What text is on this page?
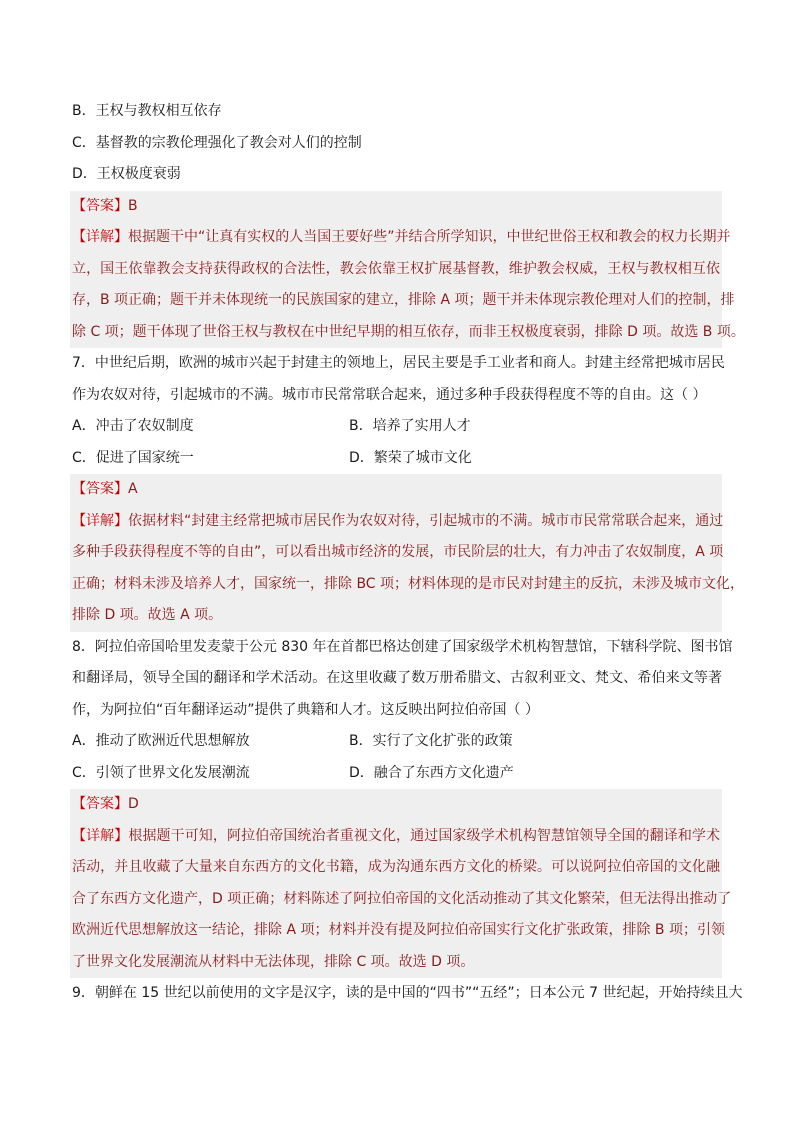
B．王权与教权相互依存
C．基督教的宗教伦理强化了教会对人们的控制
D．王权极度衰弱
【答案】B
【详解】根据题干中“让真有实权的人当国王要好些”并结合所学知识，中世纪世俗王权和教会的权力长期并
立，国王依靠教会支持获得政权的合法性，教会依靠王权扩展基督教，维护教会权威，王权与教权相互依
存，B 项正确；题干并未体现统一的民族国家的建立，排除 A 项；题干并未体现宗教伦理对人们的控制，排
除 C 项；题干体现了世俗王权与教权在中世纪早期的相互依存，而非王权极度衰弱，排除 D 项。故选 B 项。
7．中世纪后期，欧洲的城市兴起于封建主的领地上，居民主要是手工业者和商人。封建主经常把城市居民
作为农奴对待，引起城市的不满。城市市民常常联合起来，通过多种手段获得程度不等的自由。这（ ）
A．冲击了农奴制度	B．培养了实用人才
C．促进了国家统一	D．繁荣了城市文化
【答案】A
【详解】依据材料“封建主经常把城市居民作为农奴对待，引起城市的不满。城市市民常常联合起来，通过
多种手段获得程度不等的自由”，可以看出城市经济的发展，市民阶层的壮大，有力冲击了农奴制度，A 项
正确；材料未涉及培养人才，国家统一，排除 BC 项；材料体现的是市民对封建主的反抗，未涉及城市文化，
排除 D 项。故选 A 项。
8．阿拉伯帝国哈里发麦蒙于公元 830 年在首都巴格达创建了国家级学术机构智慧馆，下辖科学院、图书馆
和翻译局，领导全国的翻译和学术活动。在这里收藏了数万册希腊文、古叙利亚文、梵文、希伯来文等著
作，为阿拉伯“百年翻译运动”提供了典籍和人才。这反映出阿拉伯帝国（ ）
A．推动了欧洲近代思想解放	B．实行了文化扩张的政策
C．引领了世界文化发展潮流	D．融合了东西方文化遗产
【答案】D
【详解】根据题干可知，阿拉伯帝国统治者重视文化，通过国家级学术机构智慧馆领导全国的翻译和学术
活动，并且收藏了大量来自东西方的文化书籍，成为沟通东西方文化的桥梁。可以说阿拉伯帝国的文化融
合了东西方文化遗产，D 项正确；材料陈述了阿拉伯帝国的文化活动推动了其文化繁荣，但无法得出推动了
欧洲近代思想解放这一结论，排除 A 项；材料并没有提及阿拉伯帝国实行文化扩张政策，排除 B 项；引领
了世界文化发展潮流从材料中无法体现，排除 C 项。故选 D 项。
9．朝鲜在 15 世纪以前使用的文字是汉字，读的是中国的“四书”“五经”；日本公元 7 世纪起，开始持续且大
